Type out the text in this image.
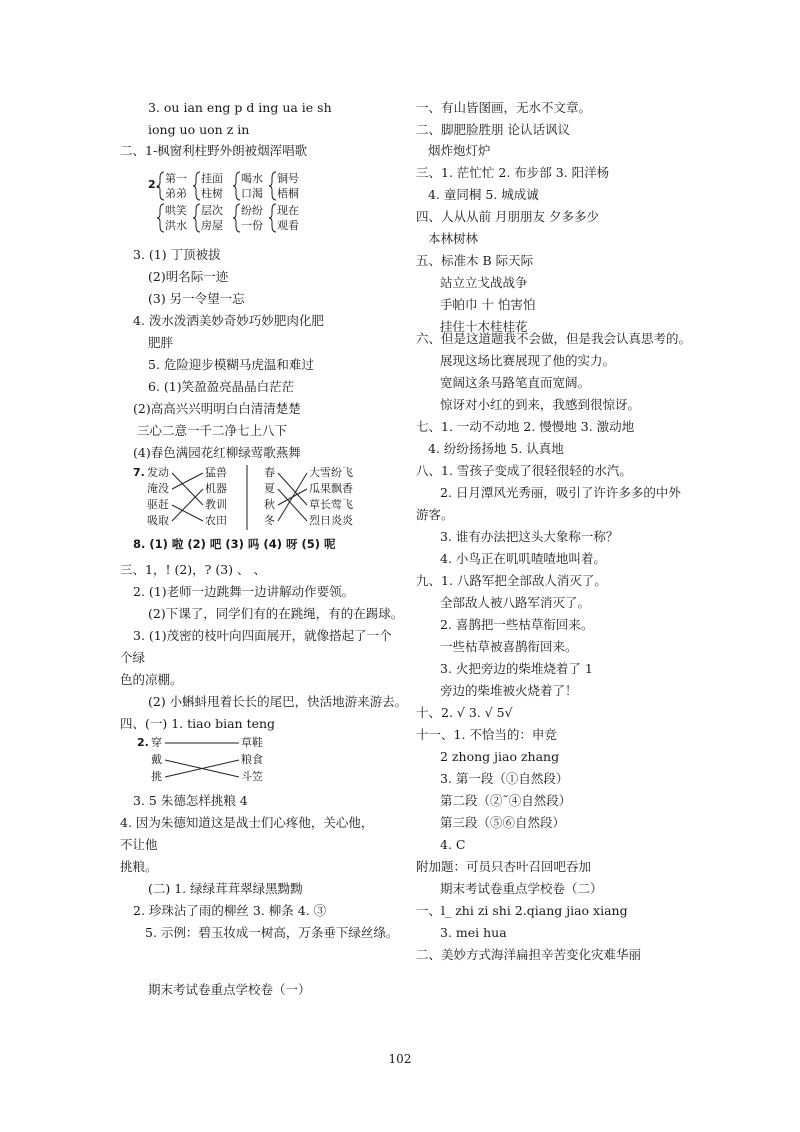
3. ou ian eng p d ing ua ie sh
iong uo uon z in
二、1-枫窗利柱野外朗被烟浑唱歌
2. 第一
弟弟
哄笑
洪水
挂面
柱树
层次
房屋
喝水
口渴
纷纷
一份
铜号
梧桐
现在
观看
3. (1) 丁顶被拔
(2)明名际一迹
(3) 另一令望一忘
4. 泼水泼洒美妙奇妙巧妙肥肉化肥
肥胖
5. 危险迎步模糊马虎温和难过
6. (1)笑盈盈亮晶晶白茫茫
(2)高高兴兴明明白白清清楚楚
三心二意一千二净七上八下
(4)春色满园花红柳绿莺歌燕舞
7. 发动
淹没
驱赶
吸取
猛兽
机器
教训
农田
春
夏
秋
冬
大雪纷飞
瓜果飘香
草长莺飞
烈日炎炎
8. (1) 啦 (2) 吧 (3) 吗 (4) 呀 (5) 呢
三、1，! (2)，? (3) 、 、
2. (1)老师一边跳舞一边讲解动作要领。
(2)下课了，同学们有的在跳绳，有的在踢球。
3. (1)茂密的枝叶向四面展开，就像搭起了一个
个绿
色的凉棚。
(2) 小蝌蚪甩着长长的尾巴，快活地游来游去。
四、(一) 1. tiao bian teng
2. 穿
戴
挑
草鞋
粮食
斗笠
3. 5 朱德怎样挑粮 4
4. 因为朱德知道这是战士们心疼他，关心他，
不让他
挑粮。
(二) 1. 绿绿茸茸翠绿黑黝黝
2. 珍珠沾了雨的柳丝 3. 柳条 4. ③
5. 示例：碧玉妆成一树高，万条垂下绿丝绦。
期末考试卷重点学校卷（一）
一、有山皆图画，无水不文章。
二、脚肥脸胜朋 论认话讽议
烟炸炮灯炉
三、1. 茫忙忙 2. 布步部 3. 阳洋杨
4. 童同桐 5. 城成诚
四、人从从前 月朋朋友 夕多多少
本林树林
五、标准木 B 际天际
站立立戈战战争
手帕巾 十 怕害怕
挂住十木桂桂花
六、但是这道题我不会做，但是我会认真思考的。
展现这场比赛展现了他的实力。
宽阔这条马路笔直而宽阔。
惊讶对小红的到来，我感到很惊讶。
七、1. 一动不动地 2. 慢慢地 3. 激动地
4. 纷纷扬扬地 5. 认真地
八、1. 雪孩子变成了很轻很轻的水汽。
2. 日月潭风光秀丽，吸引了许许多多的中外
游客。
3. 谁有办法把这头大象称一称？
4. 小鸟正在叽叽喳喳地叫着。
九、1. 八路军把全部敌人消灭了。
全部敌人被八路军消灭了。
2. 喜鹊把一些枯草衔回来。
一些枯草被喜鹊衔回来。
3. 火把旁边的柴堆烧着了 1
旁边的柴堆被火烧着了！
十、2. √ 3. √ 5√
十一、1. 不恰当的：申竞
2 zhong jiao zhang
3. 第一段（①自然段）
第二段（②˜④自然段）
第三段（⑤⑥自然段）
4. C
附加题：可员只杏叶召回吧吞加
期末考试卷重点学校卷（二）
一、l_ zhi zi shi 2.qiang jiao xiang
3. mei hua
二、美妙方式海洋扁担辛苦变化灾难华丽
102
